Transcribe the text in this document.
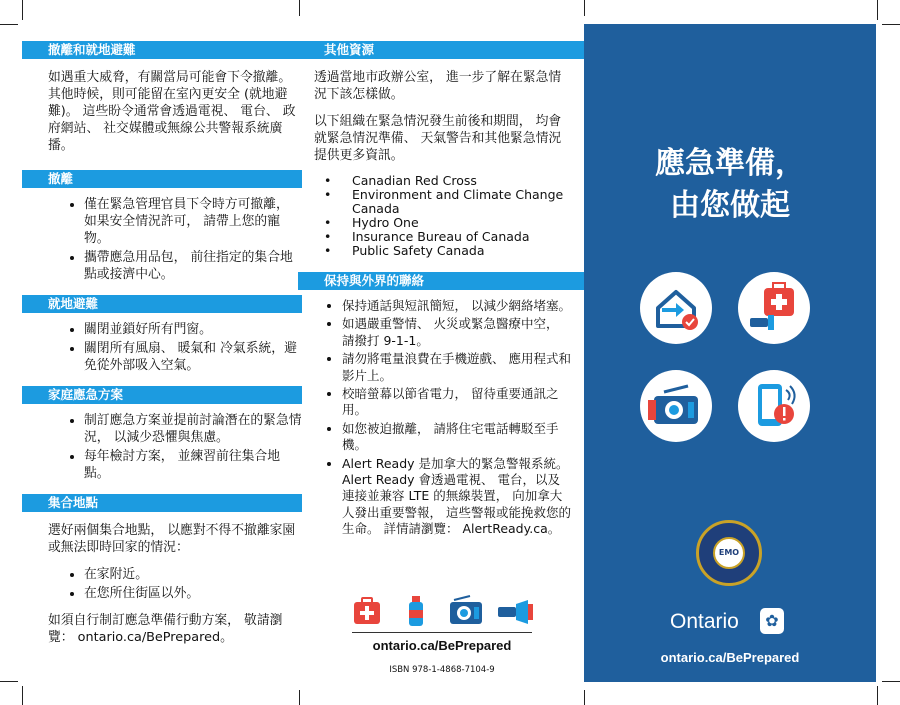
撤離和就地避難
如遇重大威脅，有關當局可能會下令撤離。 其他時候，則可能留在室內更安全 (就地避難)。 這些盼令通常會透過電視、 電台、 政府網站、 社交媒體或無線公共警報系統廣播。
撤離
• 僅在緊急管理官員下令時方可撤離， 如果安全情況許可， 請帶上您的寵物。
• 攜帶應急用品包， 前往指定的集合地點或接濟中心。
就地避難
• 關閉並鎖好所有門窗。
• 關閉所有風扇、 暖氣和 冷氣系統，避免從外部吸入空氣。
家庭應急方案
• 制訂應急方案並提前討論潛在的緊急情況， 以減少恐懼與焦慮。
• 每年檢討方案， 並練習前往集合地點。
集合地點
選好兩個集合地點， 以應對不得不撤離家園或無法即時回家的情況：
• 在家附近。
• 在您所住街區以外。
如須自行制訂應急準備行動方案， 敬請瀏覽： ontario.ca/BePrepared。
其他資源
透過當地市政辦公室， 進一步了解在緊急情況下該怎樣做。
以下組織在緊急情況發生前後和期間， 均會就緊急情況準備、 天氣警告和其他緊急情況提供更多資訊。
• Canadian Red Cross
• Environment and Climate Change Canada
• Hydro One
• Insurance Bureau of Canada
• Public Safety Canada
保持與外界的聯絡
• 保持通話與短訊簡短， 以減少網絡堵塞。
• 如遇嚴重警情、 火災或緊急醫療中空， 請撥打 9-1-1。
• 請勿將電量浪費在手機遊戲、 應用程式和影片上。
• 校暗螢幕以節省電力， 留待重要通訊之用。
• 如您被迫撤離， 請將住宅電話轉駁至手機。
• Alert Ready 是加拿大的緊急警報系統。 Alert Ready 會透過電視、 電台，以及連接並兼容 LTE 的無線裝置， 向加拿大人發出重要警報， 這些警報或能挽救您的生命。 詳情請瀏覽： AlertReady.ca。
ontario.ca/BePrepared
ISBN 978-1-4868-7104-9
應急準備，
由您做起
EMO
Ontario	✿
ontario.ca/BePrepared
